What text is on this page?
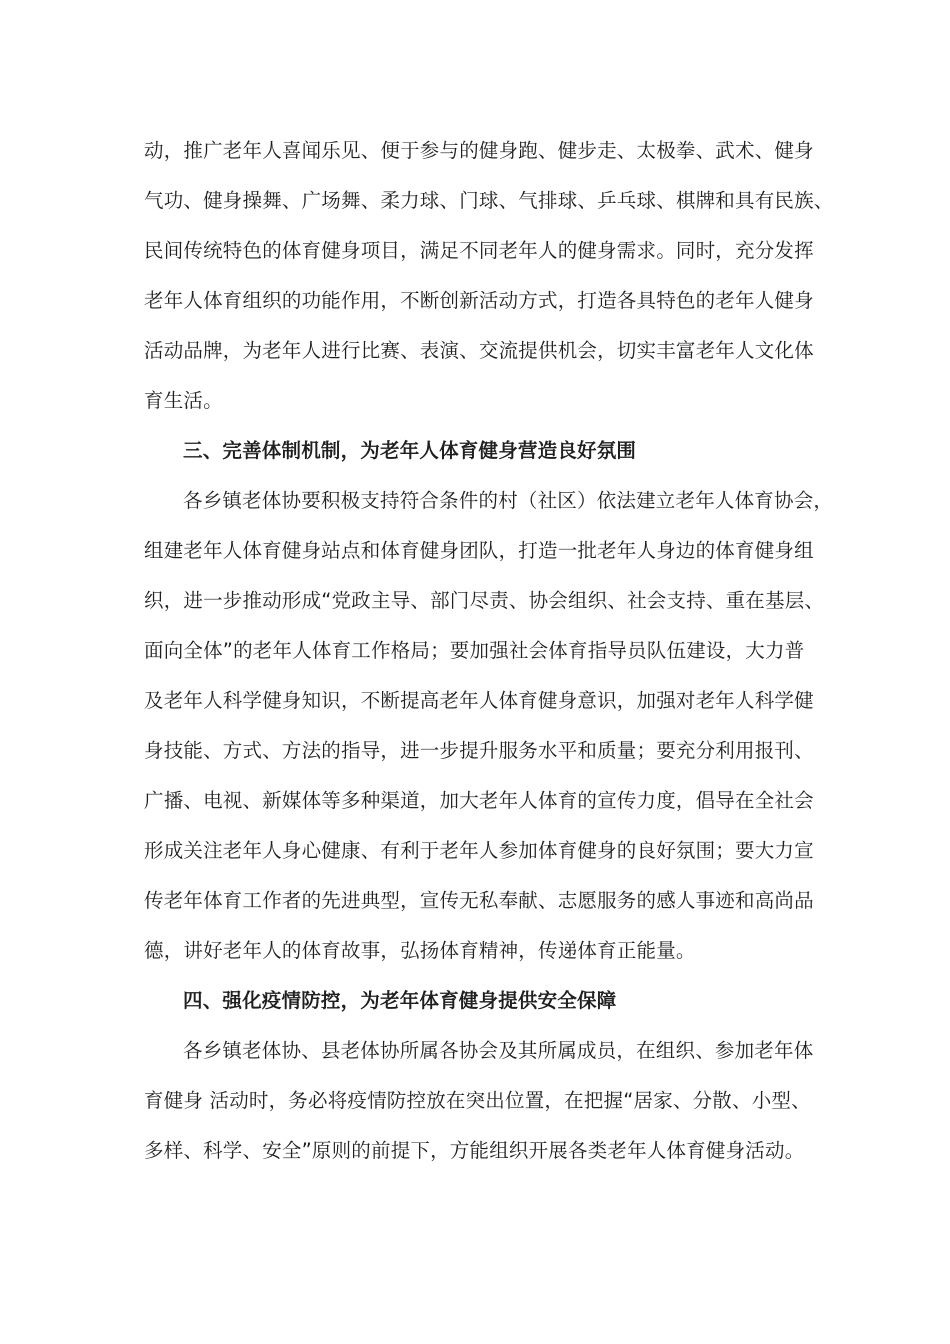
动，推广老年人喜闻乐见、便于参与的健身跑、健步走、太极拳、武术、健身
气功、健身操舞、广场舞、柔力球、门球、气排球、乒乓球、棋牌和具有民族、
民间传统特色的体育健身项目，满足不同老年人的健身需求。同时，充分发挥
老年人体育组织的功能作用，不断创新活动方式，打造各具特色的老年人健身
活动品牌，为老年人进行比赛、表演、交流提供机会，切实丰富老年人文化体
育生活。
三、完善体制机制，为老年人体育健身营造良好氛围
各乡镇老体协要积极支持符合条件的村（社区）依法建立老年人体育协会，
组建老年人体育健身站点和体育健身团队，打造一批老年人身边的体育健身组
织，进一步推动形成“党政主导、部门尽责、协会组织、社会支持、重在基层、
面向全体”的老年人体育工作格局；要加强社会体育指导员队伍建设，大力普
及老年人科学健身知识，不断提高老年人体育健身意识，加强对老年人科学健
身技能、方式、方法的指导，进一步提升服务水平和质量；要充分利用报刊、
广播、电视、新媒体等多种渠道，加大老年人体育的宣传力度，倡导在全社会
形成关注老年人身心健康、有利于老年人参加体育健身的良好氛围；要大力宣
传老年体育工作者的先进典型，宣传无私奉献、志愿服务的感人事迹和高尚品
德，讲好老年人的体育故事，弘扬体育精神，传递体育正能量。
四、强化疫情防控，为老年体育健身提供安全保障
各乡镇老体协、县老体协所属各协会及其所属成员，在组织、参加老年体
育健身 活动时，务必将疫情防控放在突出位置，在把握“居家、分散、小型、
多样、科学、安全”原则的前提下，方能组织开展各类老年人体育健身活动。
